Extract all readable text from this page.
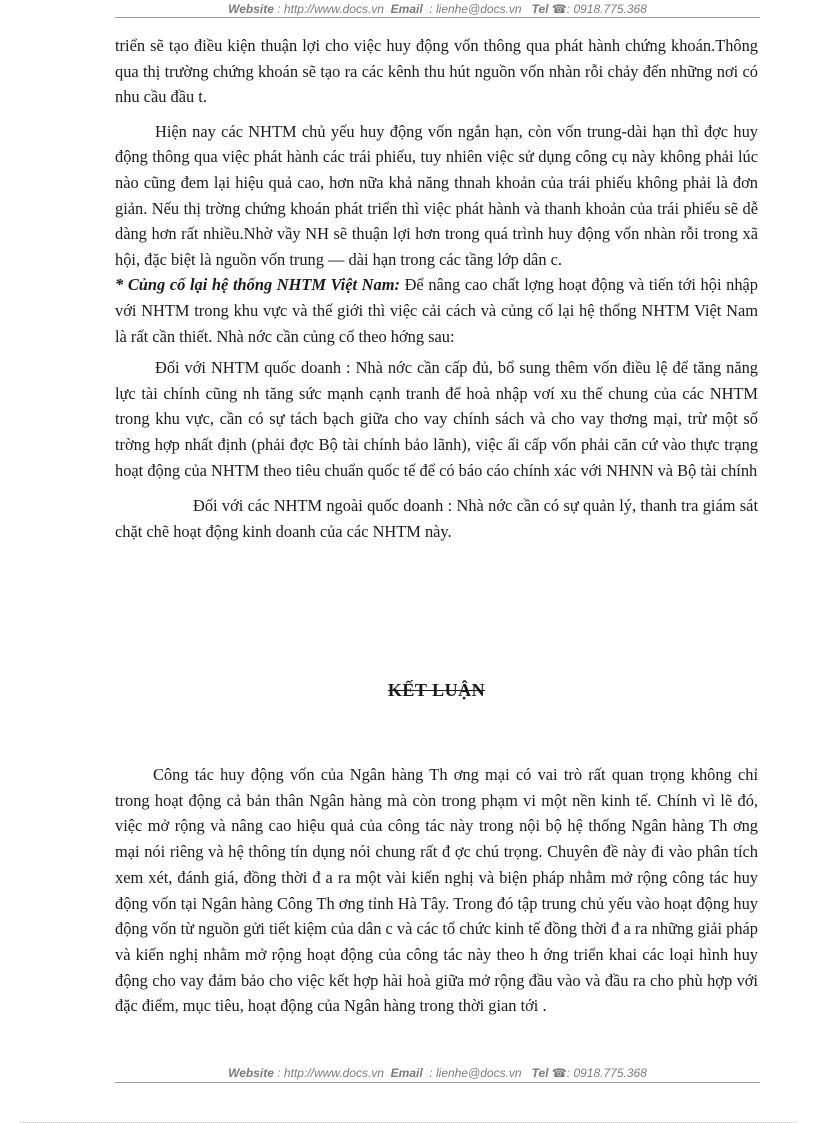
Website : http://www.docs.vn Email : lienhe@docs.vn Tel ☎: 0918.775.368

triển sẽ tạo điều kiện thuận lợi cho việc huy động vốn thông qua phát hành chứng khoán.Thông qua thị trường chứng khoán sẽ tạo ra các kênh thu hút nguồn vốn nhàn rỗi chảy đến những nơi có nhu cầu đầu t.

Hiện nay các NHTM chủ yếu huy động vốn ngắn hạn, còn vốn trung-dài hạn thì đợc huy động thông qua việc phát hành các trái phiếu, tuy nhiên việc sử dụng công cụ này không phải lúc nào cũng đem lại hiệu quả cao, hơn nữa khả năng thnah khoản của trái phiếu không phải là đơn giản. Nếu thị trờng chứng khoán phát triển thì việc phát hành và thanh khoản của trái phiếu sẽ dễ dàng hơn rất nhiều.Nhờ vầy NH sẽ thuận lợi hơn trong quá trình huy động vốn nhàn rỗi trong xã hội, đặc biệt là nguồn vốn trung — dài hạn trong các tầng lớp dân c.

* Củng cố lại hệ thống NHTM Việt Nam: Để nâng cao chất lợng hoạt động và tiến tới hội nhập với NHTM trong khu vực và thế giới thì việc cải cách và củng cố lại hệ thống NHTM Việt Nam là rất cần thiết. Nhà nớc cần củng cố theo hớng sau:

Đối với NHTM quốc doanh : Nhà nớc cần cấp đủ, bổ sung thêm vốn điều lệ để tăng năng lực tài chính cũng nh tăng sức mạnh cạnh tranh để hoà nhập vơí xu thế chung của các NHTM trong khu vực, cần có sự tách bạch giữa cho vay chính sách và cho vay thơng mại, trừ một số trờng hợp nhất định (phải đợc Bộ tài chính bảo lãnh), việc ấi cấp vốn phải căn cứ vào thực trạng hoạt động của NHTM theo tiêu chuẩn quốc tế để có báo cáo chính xác với NHNN và Bộ tài chính

Đối với các NHTM ngoài quốc doanh : Nhà nớc cần có sự quản lý, thanh tra giám sát chặt chẽ hoạt động kinh doanh của các NHTM này.

KẾT LUẬN

Công tác huy động vốn của Ngân hàng Th ơng mại có vai trò rất quan trọng không chỉ trong hoạt động cả bản thân Ngân hàng mà còn trong phạm vi một nền kinh tế. Chính vì lẽ đó, việc mở rộng và nâng cao hiệu quả của công tác này trong nội bộ hệ thống Ngân hàng Th ơng mại nói riêng và hệ thông tín dụng nói chung rất đ ợc chú trọng. Chuyên đề này đi vào phân tích xem xét, đánh giá, đồng thời đ a ra một vài kiến nghị và biện pháp nhằm mở rộng công tác huy động vốn tại Ngân hàng Công Th ơng tỉnh Hà Tây. Trong đó tập trung chủ yếu vào hoạt động huy động vốn từ nguồn gửi tiết kiệm của dân c và các tổ chức kinh tế đồng thời đ a ra những giải pháp và kiến nghị nhằm mở rộng hoạt động của công tác này theo h ớng triển khai các loại hình huy động cho vay đảm bảo cho việc kết hợp hài hoà giữa mở rộng đầu vào và đầu ra cho phù hợp với đặc điểm, mục tiêu, hoạt động của Ngân hàng trong thời gian tới .

Website : http://www.docs.vn Email : lienhe@docs.vn Tel ☎: 0918.775.368
